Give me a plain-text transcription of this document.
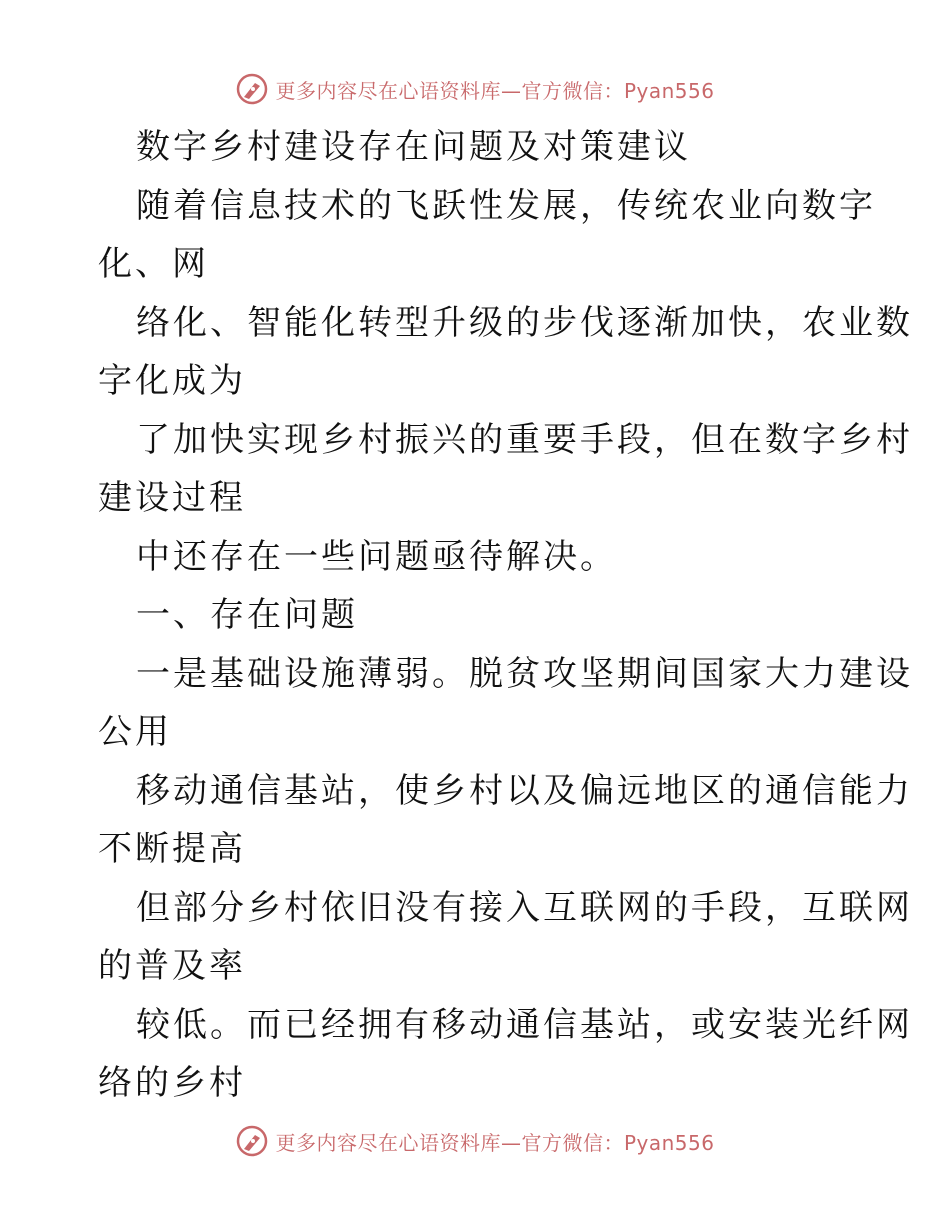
更多内容尽在心语资料库—官方微信：Pyan556
数字乡村建设存在问题及对策建议
随着信息技术的飞跃性发展，传统农业向数字
化、网
络化、智能化转型升级的步伐逐渐加快，农业数
字化成为
了加快实现乡村振兴的重要手段，但在数字乡村
建设过程
中还存在一些问题亟待解决。
一、存在问题
一是基础设施薄弱。脱贫攻坚期间国家大力建设
公用
移动通信基站，使乡村以及偏远地区的通信能力
不断提高
但部分乡村依旧没有接入互联网的手段，互联网
的普及率
较低。而已经拥有移动通信基站，或安装光纤网
络的乡村
更多内容尽在心语资料库—官方微信：Pyan556
